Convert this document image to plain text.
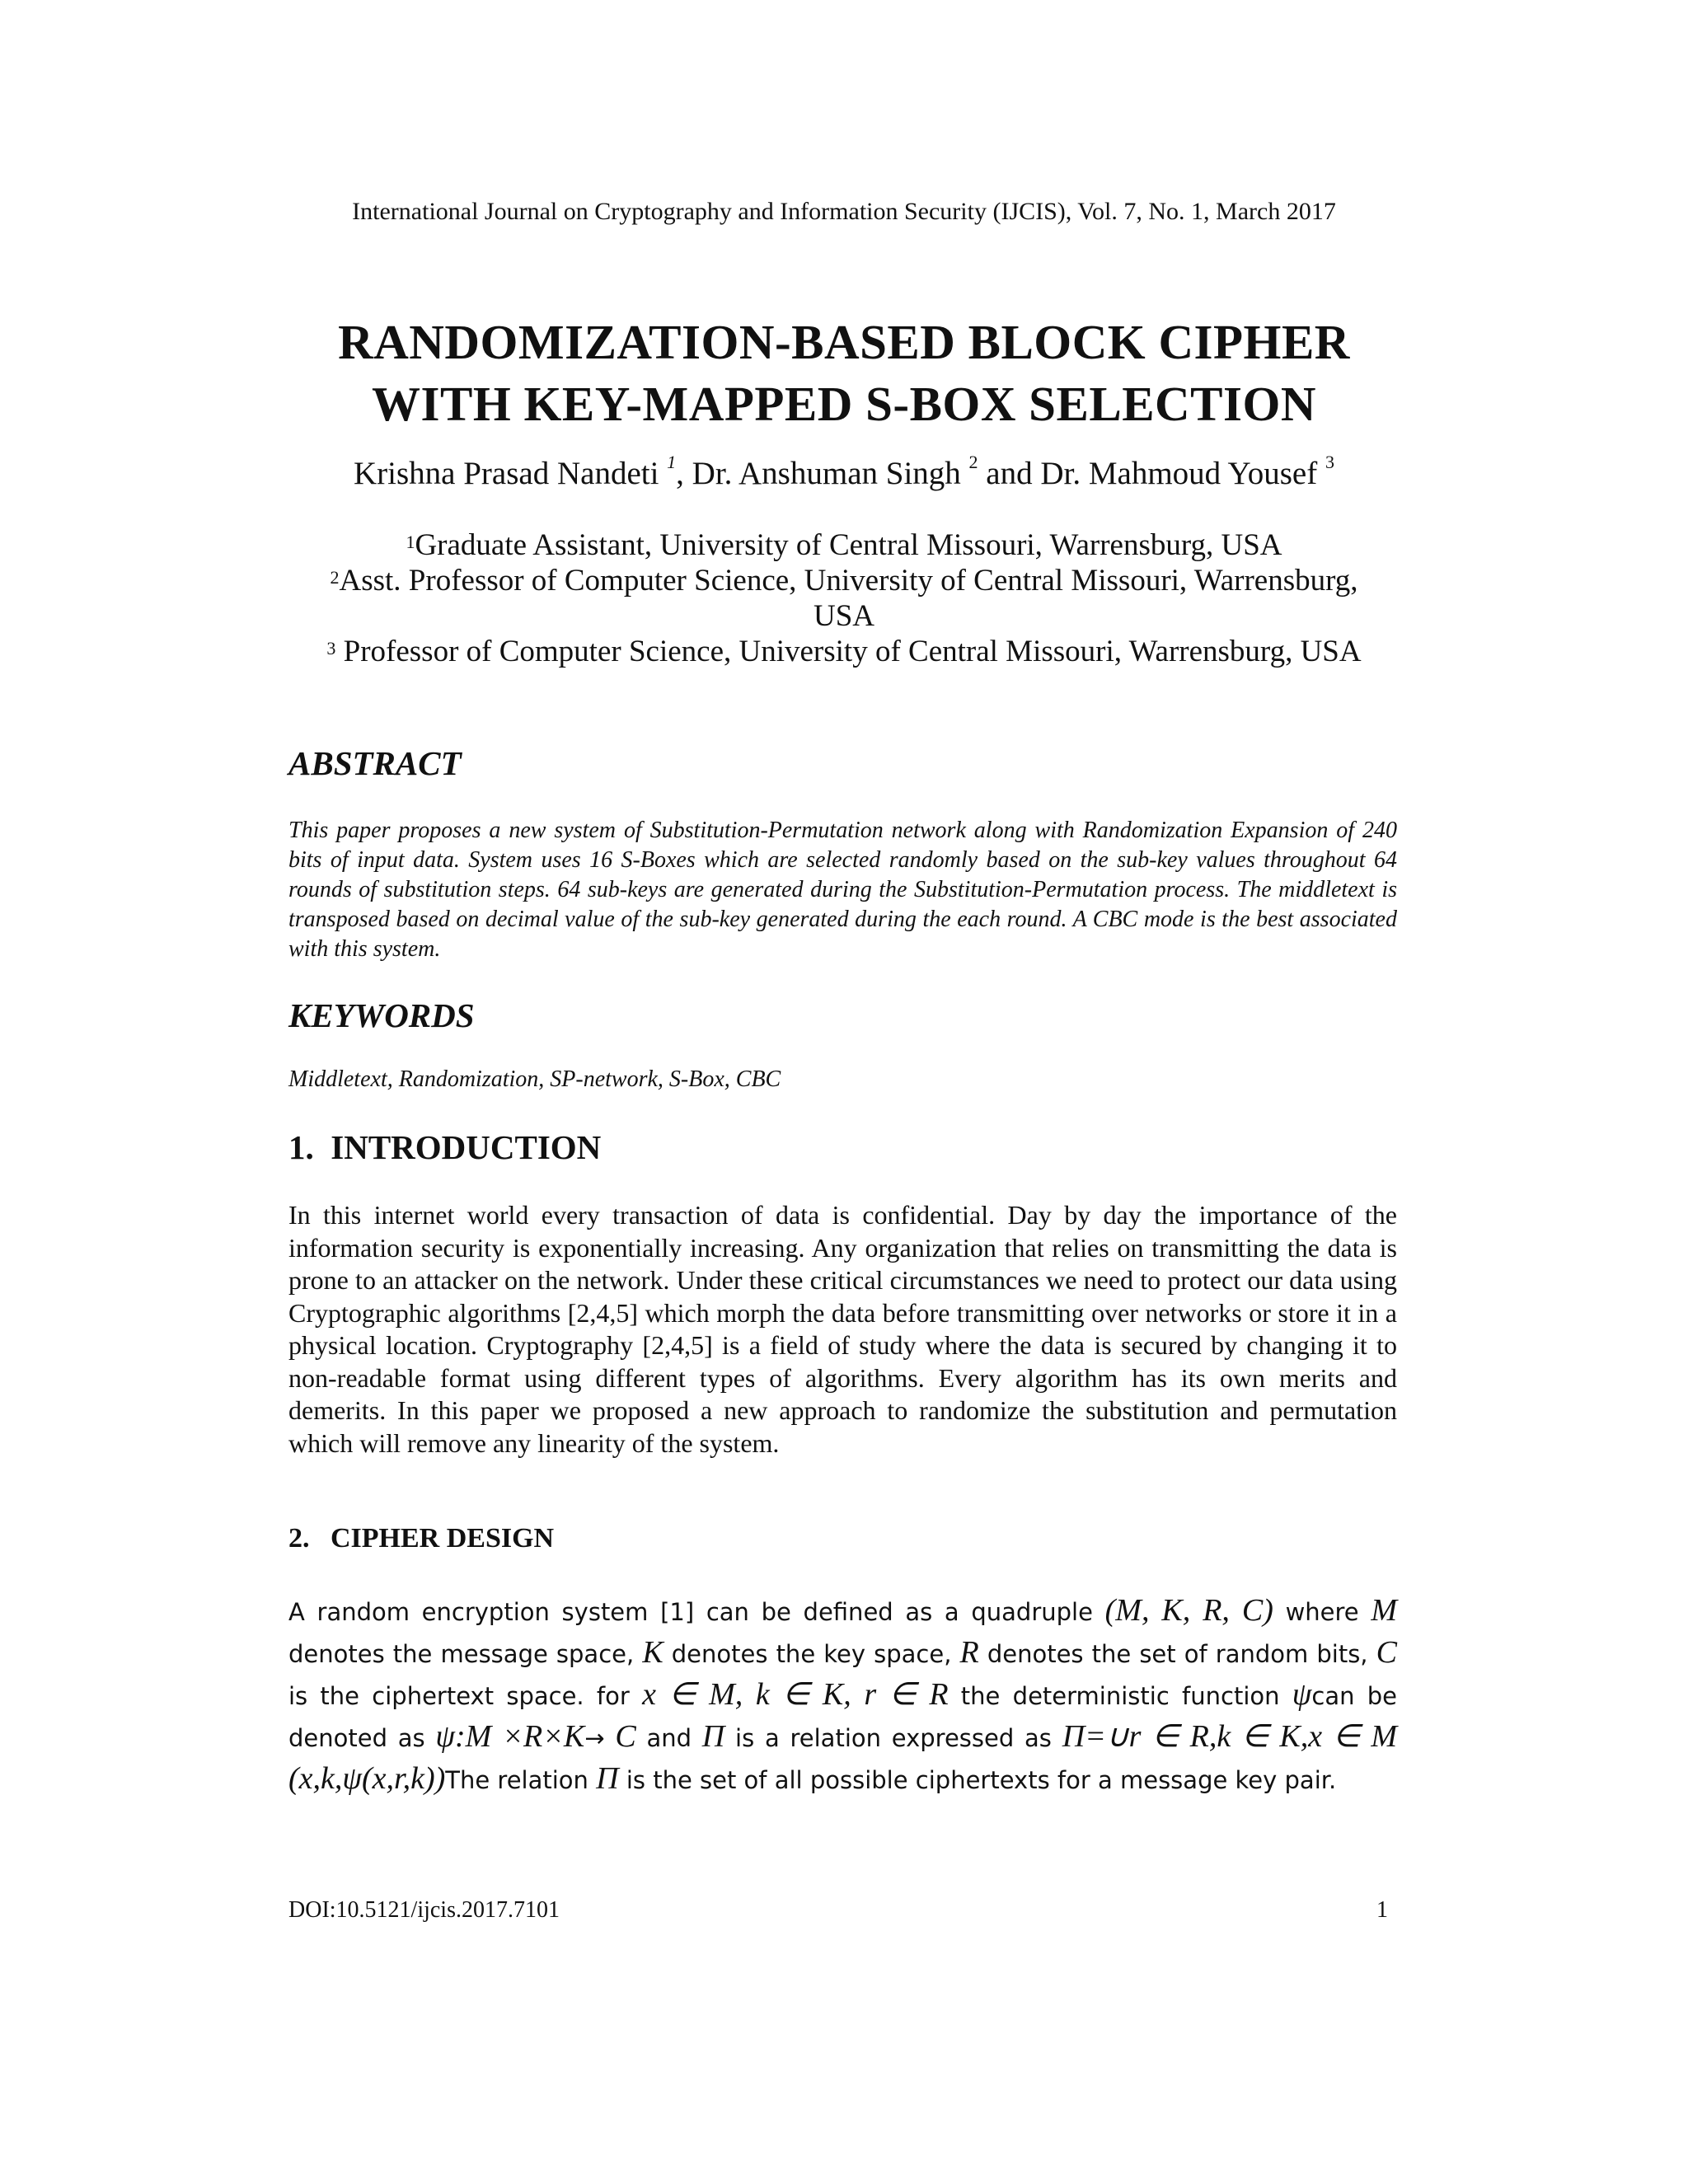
International Journal on Cryptography and Information Security (IJCIS), Vol. 7, No. 1, March 2017
RANDOMIZATION-BASED BLOCK CIPHER
WITH KEY-MAPPED S-BOX SELECTION
Krishna Prasad Nandeti $^1$, Dr. Anshuman Singh $^2$ and Dr. Mahmoud Yousef $^3$
$^1$Graduate Assistant, University of Central Missouri, Warrensburg, USA
$^2$Asst. Professor of Computer Science, University of Central Missouri, Warrensburg, USA
$^3$ Professor of Computer Science, University of Central Missouri, Warrensburg, USA
ABSTRACT
This paper proposes a new system of Substitution-Permutation network along with Randomization Expansion of 240 bits of input data. System uses 16 S-Boxes which are selected randomly based on the sub-key values throughout 64 rounds of substitution steps. 64 sub-keys are generated during the Substitution-Permutation process. The middletext is transposed based on decimal value of the sub-key generated during the each round. A CBC mode is the best associated with this system.
KEYWORDS
Middletext, Randomization, SP-network, S-Box, CBC
1.  INTRODUCTION
In this internet world every transaction of data is confidential. Day by day the importance of the information security is exponentially increasing. Any organization that relies on transmitting the data is prone to an attacker on the network. Under these critical circumstances we need to protect our data using Cryptographic algorithms [2,4,5] which morph the data before transmitting over networks or store it in a physical location. Cryptography [2,4,5] is a field of study where the data is secured by changing it to non-readable format using different types of algorithms. Every algorithm has its own merits and demerits. In this paper we proposed a new approach to randomize the substitution and permutation which will remove any linearity of the system.
2.   CIPHER DESIGN
A random encryption system [1] can be defined as a quadruple (M, K, R, C) where M denotes the message space, K denotes the key space, R denotes the set of random bits, C is the ciphertext space. for x ∈ M, k ∈ K, r ∈ R the deterministic function ψcan be denoted as ψ:M ×R×K→ C and Π is a relation expressed as Π=∪r ∈ R,k ∈ K,x ∈ M (x,k,ψ(x,r,k))The relation Π is the set of all possible ciphertexts for a message key pair.
DOI:10.5121/ijcis.2017.7101	1
